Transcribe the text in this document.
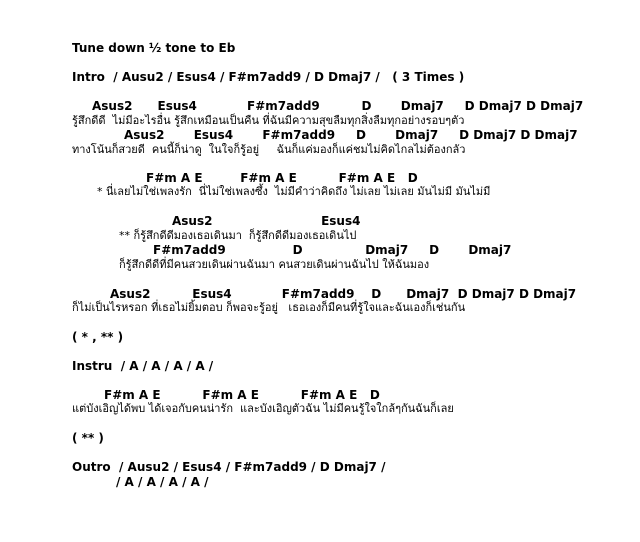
Tune down ½ tone to Eb
Intro  / Ausu2 / Esus4 / F#m7add9 / D Dmaj7 /   ( 3 Times )
Asus2      Esus4            F#m7add9          D       Dmaj7     D Dmaj7 D Dmaj7
รู้สึกดีดี  ไม่มีอะไรอื่น รู้สึกเหมือนเป็นคืน ที่ฉันมีความสุขลืมทุกสิ่งลืมทุกอย่างรอบๆตัว
Asus2       Esus4       F#m7add9     D       Dmaj7     D Dmaj7 D Dmaj7
ทางโน้นก็สวยดี  คนนี้ก็น่าดู  ในใจก็รู้อยู่     ฉันก็แค่มองก็แค่ชมไม่คิดไกลไม่ต้องกลัว
F#m A E         F#m A E          F#m A E   D
* นี่เลยไม่ใช่เพลงรัก  นี่ไม่ใช่เพลงซึ้ง  ไม่มีคำว่าคิดถึง ไม่เลย ไม่เลย มันไม่มี มันไม่มี
Asus2                          Esus4
** ก็รู้สึกดีดีมองเธอเดินมา  ก็รู้สึกดีดีมองเธอเดินไป
F#m7add9                D               Dmaj7     D       Dmaj7
ก็รู้สึกดีดีที่มีคนสวยเดินผ่านฉันมา คนสวยเดินผ่านฉันไป ให้ฉันมอง
Asus2          Esus4            F#m7add9    D      Dmaj7  D Dmaj7 D Dmaj7
ก็ไม่เป็นไรหรอก ที่เธอไม่ยิ้มตอบ ก็พอจะรู้อยู่   เธอเองก็มีคนที่รู้ใจและฉันเองก็เช่นกัน
( * , ** )
Instru  / A / A / A / A /
F#m A E          F#m A E          F#m A E   D
แต่บังเอิญได้พบ ได้เจอกับคนน่ารัก  และบังเอิญตัวฉัน ไม่มีคนรู้ใจใกล้ๆกันฉันก็เลย
( ** )
Outro  / Ausu2 / Esus4 / F#m7add9 / D Dmaj7 /
/ A / A / A / A /
